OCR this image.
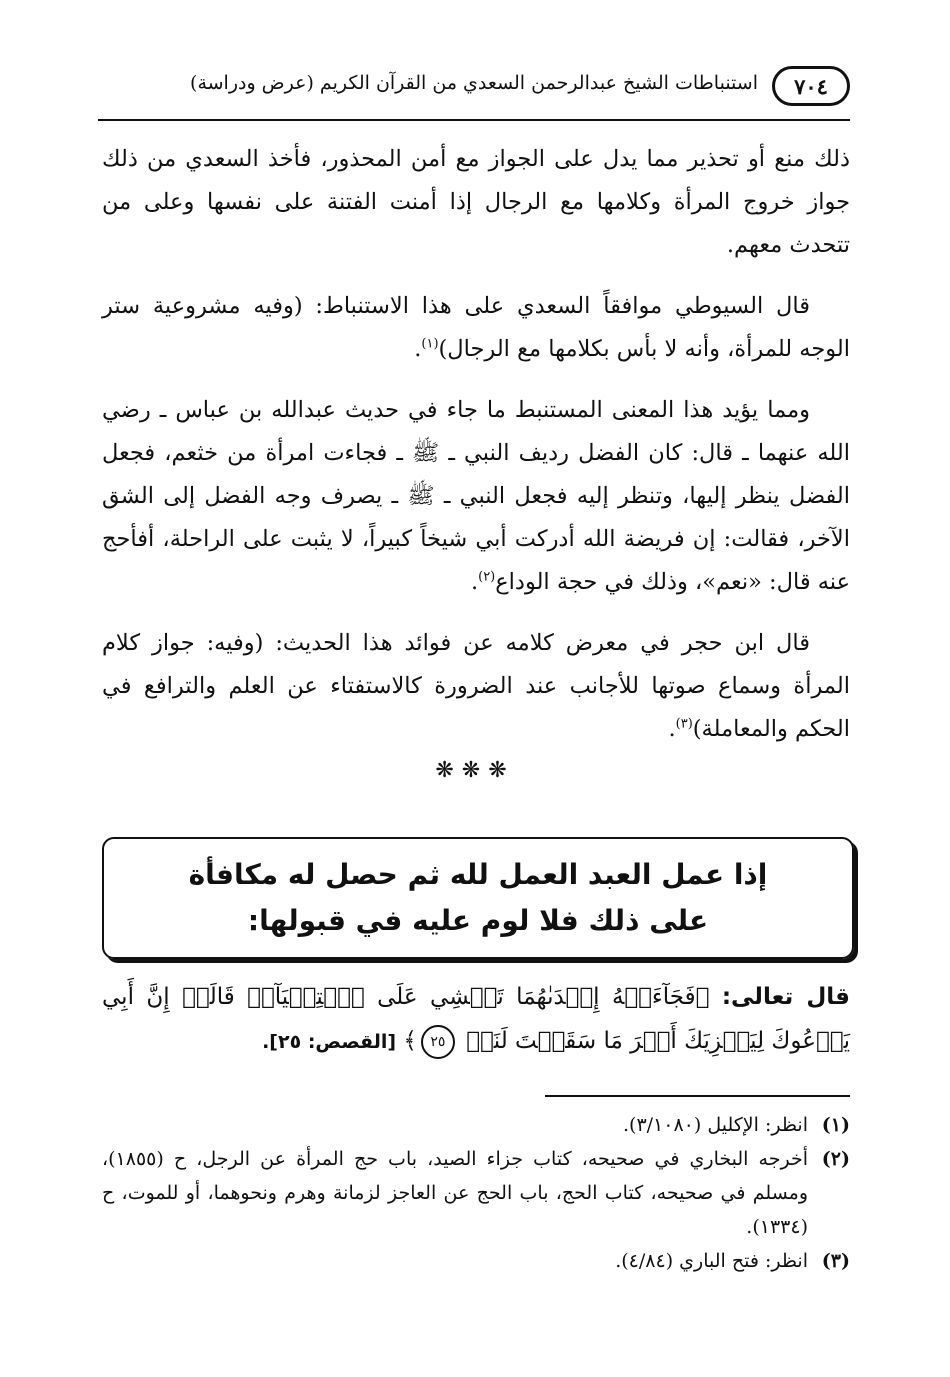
٧٠٤
استنباطات الشيخ عبدالرحمن السعدي من القرآن الكريم (عرض ودراسة)

ذلك منع أو تحذير مما يدل على الجواز مع أمن المحذور، فأخذ السعدي من ذلك جواز خروج المرأة وكلامها مع الرجال إذا أمنت الفتنة على نفسها وعلى من تتحدث معهم.

قال السيوطي موافقاً السعدي على هذا الاستنباط: (وفيه مشروعية ستر الوجه للمرأة، وأنه لا بأس بكلامها مع الرجال)$^{(١)}$.

ومما يؤيد هذا المعنى المستنبط ما جاء في حديث عبدالله بن عباس ـ رضي الله عنهما ـ قال: كان الفضل رديف النبي ـ ﷺ ـ فجاءت امرأة من خثعم، فجعل الفضل ينظر إليها، وتنظر إليه فجعل النبي ـ ﷺ ـ يصرف وجه الفضل إلى الشق الآخر، فقالت: إن فريضة الله أدركت أبي شيخاً كبيراً، لا يثبت على الراحلة، أفأحج عنه قال: «نعم»، وذلك في حجة الوداع$^{(٢)}$.

قال ابن حجر في معرض كلامه عن فوائد هذا الحديث: (وفيه: جواز كلام المرأة وسماع صوتها للأجانب عند الضرورة كالاستفتاء عن العلم والترافع في الحكم والمعاملة)$^{(٣)}$.

❋❋❋
إذا عمل العبد العمل لله ثم حصل له مكافأة
على ذلك فلا لوم عليه في قبولها:
قال تعالى: ﴿فَجَآءَتۡهُ إِحۡدَىٰهُمَا تَمۡشِي عَلَى ٱسۡتِحۡيَآءٖ قَالَتۡ إِنَّ أَبِي يَدۡعُوكَ لِيَجۡزِيَكَ أَجۡرَ مَا سَقَيۡتَ لَنَاۚ ٢٥﴾ [القصص: ٢٥].

(١)
انظر: الإكليل (٣/١٠٨٠).

(٢)
أخرجه البخاري في صحيحه، كتاب جزاء الصيد، باب حج المرأة عن الرجل، ح (١٨٥٥)، ومسلم في صحيحه، كتاب الحج، باب الحج عن العاجز لزمانة وهرم ونحوهما، أو للموت، ح (١٣٣٤).

(٣)
انظر: فتح الباري (٤/٨٤).
